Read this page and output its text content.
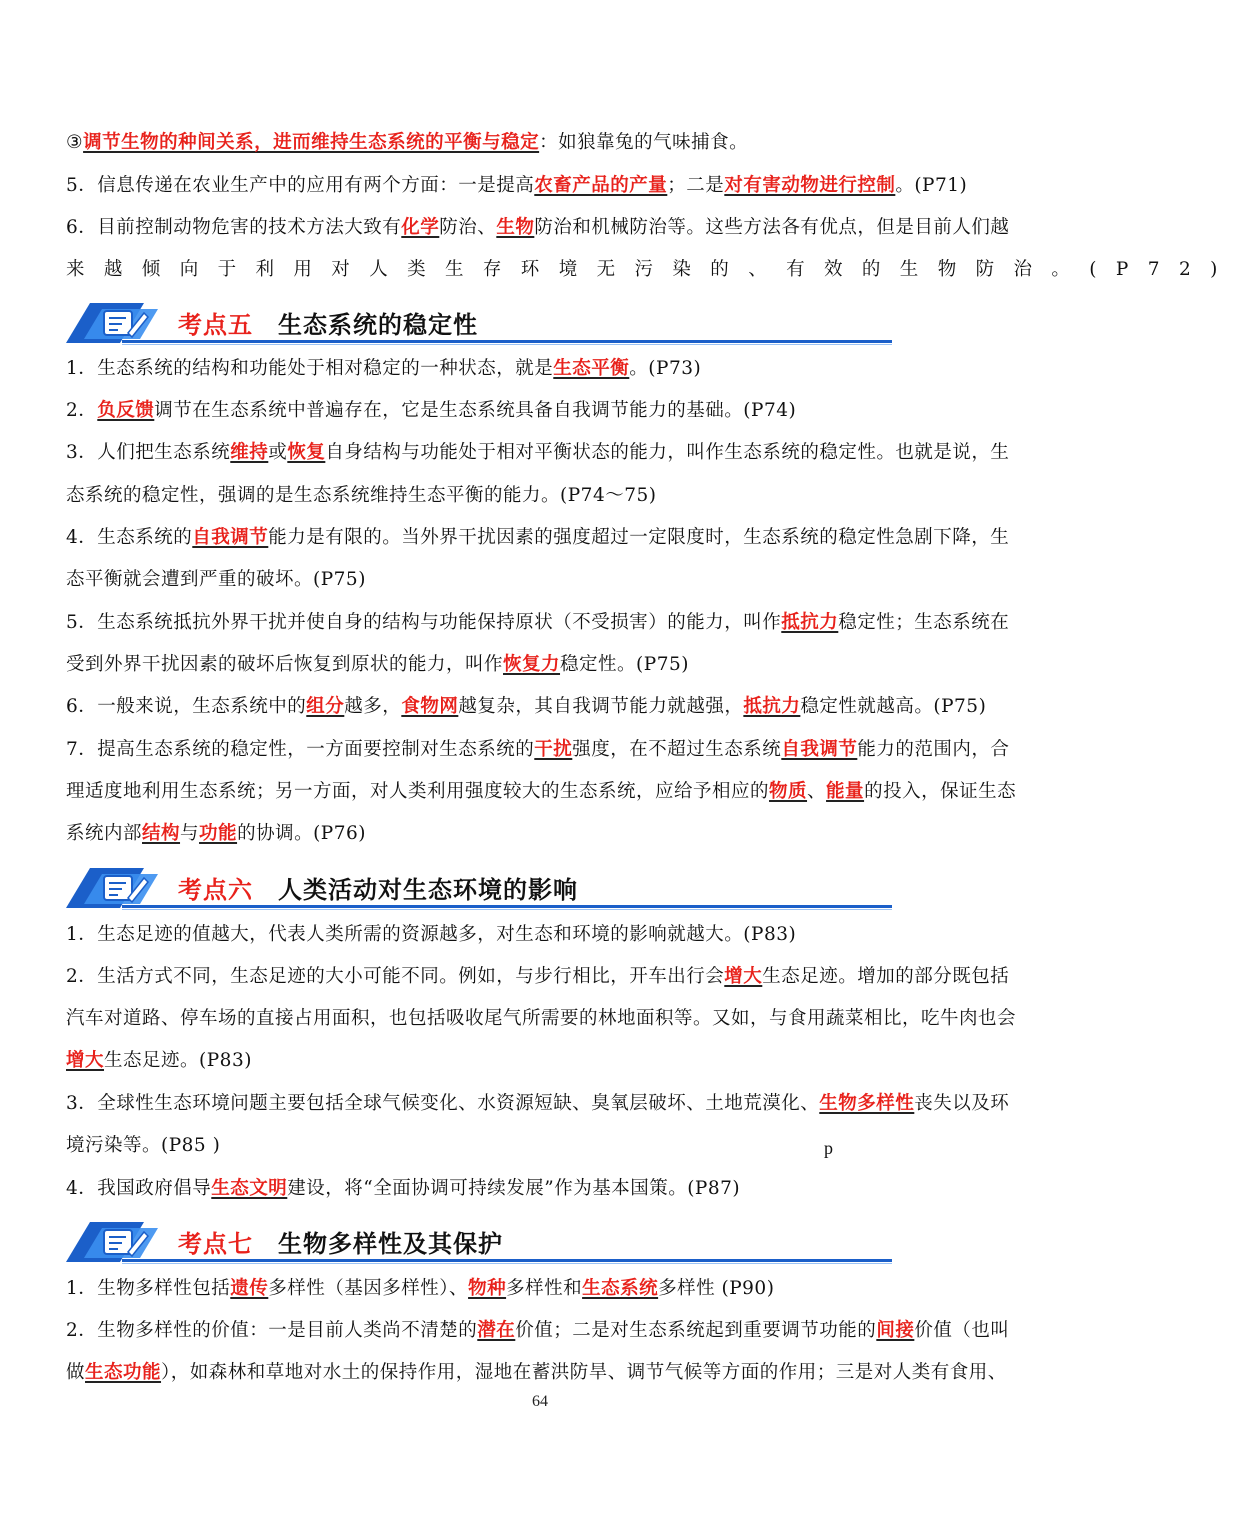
③调节生物的种间关系，进而维持生态系统的平衡与稳定：如狼靠兔的气味捕食。
5．信息传递在农业生产中的应用有两个方面：一是提高农畜产品的产量；二是对有害动物进行控制。(P71)
6．目前控制动物危害的技术方法大致有化学防治、生物防治和机械防治等。这些方法各有优点，但是目前人们越
来越倾向于利用对人类生存环境无污染的、有效的生物防治。(P72)
考点五 生态系统的稳定性
1．生态系统的结构和功能处于相对稳定的一种状态，就是生态平衡。(P73)
2．负反馈调节在生态系统中普遍存在，它是生态系统具备自我调节能力的基础。(P74)
3．人们把生态系统维持或恢复自身结构与功能处于相对平衡状态的能力，叫作生态系统的稳定性。也就是说，生
态系统的稳定性，强调的是生态系统维持生态平衡的能力。(P74～75)
4．生态系统的自我调节能力是有限的。当外界干扰因素的强度超过一定限度时，生态系统的稳定性急剧下降，生
态平衡就会遭到严重的破坏。(P75)
5．生态系统抵抗外界干扰并使自身的结构与功能保持原状（不受损害）的能力，叫作抵抗力稳定性；生态系统在
受到外界干扰因素的破坏后恢复到原状的能力，叫作恢复力稳定性。(P75)
6．一般来说，生态系统中的组分越多，食物网越复杂，其自我调节能力就越强，抵抗力稳定性就越高。(P75)
7．提高生态系统的稳定性，一方面要控制对生态系统的干扰强度，在不超过生态系统自我调节能力的范围内，合
理适度地利用生态系统；另一方面，对人类利用强度较大的生态系统，应给予相应的物质、能量的投入，保证生态
系统内部结构与功能的协调。(P76)
考点六 人类活动对生态环境的影响
1．生态足迹的值越大，代表人类所需的资源越多，对生态和环境的影响就越大。(P83)
2．生活方式不同，生态足迹的大小可能不同。例如，与步行相比，开车出行会增大生态足迹。增加的部分既包括
汽车对道路、停车场的直接占用面积，也包括吸收尾气所需要的林地面积等。又如，与食用蔬菜相比，吃牛肉也会
增大生态足迹。(P83)
3．全球性生态环境问题主要包括全球气候变化、水资源短缺、臭氧层破坏、土地荒漠化、生物多样性丧失以及环
境污染等。(P85 )
4．我国政府倡导生态文明建设，将“全面协调可持续发展”作为基本国策。(P87)
p
考点七 生物多样性及其保护
1．生物多样性包括遗传多样性（基因多样性）、物种多样性和生态系统多样性 (P90)
2．生物多样性的价值：一是目前人类尚不清楚的潜在价值；二是对生态系统起到重要调节功能的间接价值（也叫
做生态功能），如森林和草地对水土的保持作用，湿地在蓄洪防旱、调节气候等方面的作用；三是对人类有食用、
64
